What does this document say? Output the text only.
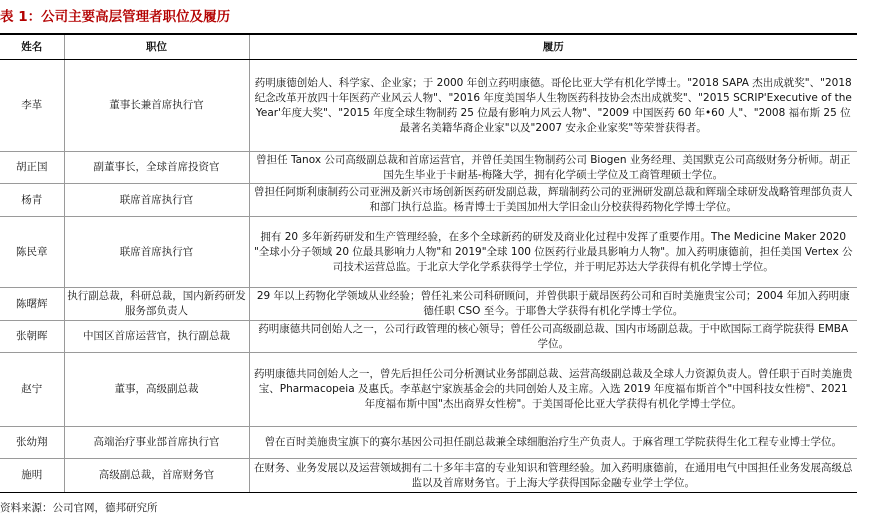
表 1：公司主要高层管理者职位及履历
姓名	职位	履历
李革	董事长兼首席执行官	药明康德创始人、科学家、企业家；于 2000 年创立药明康德。哥伦比亚大学有机化学博士。"2018 SAPA 杰出成就奖"、"2018 纪念改革开放四十年医药产业风云人物"、"2016 年度美国华人生物医药科技协会杰出成就奖"、"2015 SCRIP'Executive of the Year'年度大奖"、"2015 年度全球生物制药 25 位最有影响力风云人物"、"2009 中国医药 60 年•60 人"、"2008 福布斯 25 位最著名美籍华裔企业家"以及"2007 安永企业家奖"等荣誉获得者。
胡正国	副董事长，全球首席投资官	曾担任 Tanox 公司高级副总裁和首席运营官，并曾任美国生物制药公司 Biogen 业务经理、美国默克公司高级财务分析师。胡正国先生毕业于卡耐基-梅隆大学，拥有化学硕士学位及工商管理硕士学位。
杨青	联席首席执行官	曾担任阿斯利康制药公司亚洲及新兴市场创新医药研发副总裁，辉瑞制药公司的亚洲研发副总裁和辉瑞全球研发战略管理部负责人和部门执行总监。杨青博士于美国加州大学旧金山分校获得药物化学博士学位。
陈民章	联席首席执行官	拥有 20 多年新药研发和生产管理经验，在多个全球新药的研发及商业化过程中发挥了重要作用。The Medicine Maker 2020 "全球小分子领域 20 位最具影响力人物"和 2019"全球 100 位医药行业最具影响力人物"。加入药明康德前，担任美国 Vertex 公司技术运营总监。于北京大学化学系获得学士学位，并于明尼苏达大学获得有机化学博士学位。
陈曙辉	执行副总裁，科研总裁，国内新药研发服务部负责人	29 年以上药物化学领域从业经验；曾任礼来公司科研顾问，并曾供职于葳昂医药公司和百时美施贵宝公司；2004 年加入药明康德任职 CSO 至今。于耶鲁大学获得有机化学博士学位。
张朝晖	中国区首席运营官，执行副总裁	药明康德共同创始人之一，公司行政管理的核心领导；曾任公司高级副总裁、国内市场副总裁。于中欧国际工商学院获得 EMBA 学位。
赵宁	董事，高级副总裁	药明康德共同创始人之一，曾先后担任公司分析测试业务部副总裁、运营高级副总裁及全球人力资源负责人。曾任职于百时美施贵宝、Pharmacopeia 及惠氏。李革赵宁家族基金会的共同创始人及主席。入选 2019 年度福布斯首个"中国科技女性榜"、2021 年度福布斯中国"杰出商界女性榜"。于美国哥伦比亚大学获得有机化学博士学位。
张幼翔	高端治疗事业部首席执行官	曾在百时美施贵宝旗下的赛尔基因公司担任副总裁兼全球细胞治疗生产负责人。于麻省理工学院获得生化工程专业博士学位。
施明	高级副总裁，首席财务官	在财务、业务发展以及运营领域拥有二十多年丰富的专业知识和管理经验。加入药明康德前，在通用电气中国担任业务发展高级总监以及首席财务官。于上海大学获得国际金融专业学士学位。
资料来源：公司官网，德邦研究所
